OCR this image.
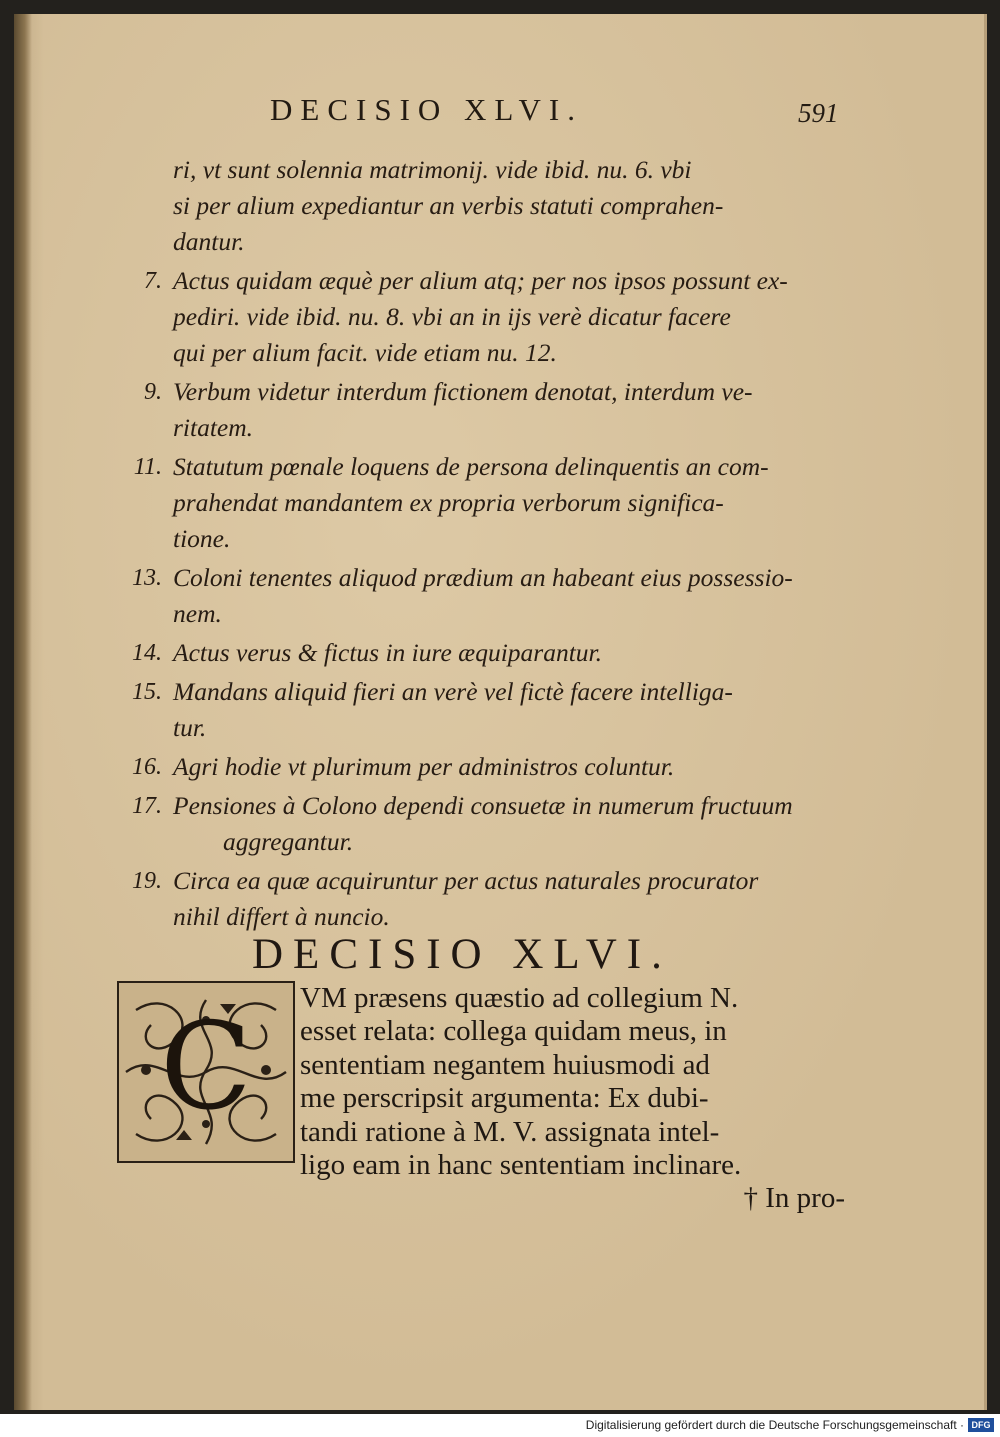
DECISIO XLVI.	591
ri, vt sunt solennia matrimonij. vide ibid. nu. 6. vbi
si per alium expediantur an verbis statuti comprahen-
dantur.
7. Actus quidam æquè per alium atq; per nos ipsos possunt ex-
pediri. vide ibid. nu. 8. vbi an in ijs verè dicatur facere
qui per alium facit. vide etiam nu. 12.
9. Verbum videtur interdum fictionem denotat, interdum ve-
ritatem.
11. Statutum pœnale loquens de persona delinquentis an com-
prahendat mandantem ex propria verborum significa-
tione.
13. Coloni tenentes aliquod prædium an habeant eius possessio-
nem.
14. Actus verus & fictus in iure æquiparantur.
15. Mandans aliquid fieri an verè vel fictè facere intelliga-
tur.
16. Agri hodie vt plurimum per administros coluntur.
17. Pensiones à Colono dependi consuetæ in numerum fructuum
aggregantur.
19. Circa ea quæ acquiruntur per actus naturales procurator
nihil differt à nuncio.
DECISIO XLVI.
C VM præsens quæstio ad collegium N.
esset relata: collega quidam meus, in
sententiam negantem huiusmodi ad
me perscripsit argumenta: Ex dubi-
tandi ratione à M. V. assignata intel-
ligo eam in hanc sententiam inclinare.
† In pro-
Digitalisierung gefördert durch die Deutsche Forschungsgemeinschaft · DFG
